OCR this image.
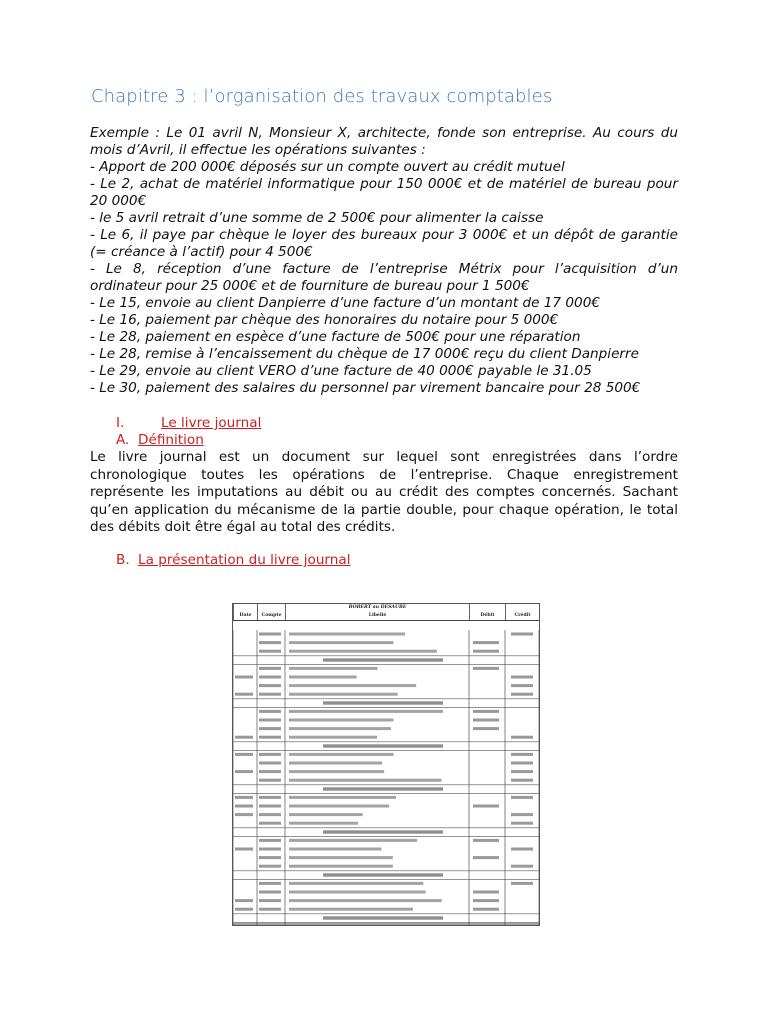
Chapitre 3 : l’organisation des travaux comptables

Exemple : Le 01 avril N, Monsieur X, architecte, fonde son entreprise. Au cours du mois d’Avril, il effectue les opérations suivantes :

- Apport de 200 000€ déposés sur un compte ouvert au crédit mutuel

- Le 2, achat de matériel informatique pour 150 000€ et de matériel de bureau pour 20 000€

- le 5 avril retrait d’une somme de 2 500€ pour alimenter la caisse

- Le 6, il paye par chèque le loyer des bureaux pour 3 000€ et un dépôt de garantie (= créance à l’actif) pour 4 500€

- Le 8, réception d’une facture de l’entreprise Métrix pour l’acquisition d’un ordinateur pour 25 000€ et de fourniture de bureau pour 1 500€

- Le 15, envoie au client Danpierre d’une facture d’un montant de 17 000€

- Le 16, paiement par chèque des honoraires du notaire pour 5 000€

- Le 28, paiement en espèce d’une facture de 500€ pour une réparation

- Le 28, remise à l’encaissement du chèque de 17 000€ reçu du client Danpierre

- Le 29, envoie au client VERO d’une facture de 40 000€ payable le 31.05

- Le 30, paiement des salaires du personnel par virement bancaire pour 28 500€

I.	Le livre journal
A. Définition
Le livre journal est un document sur lequel sont enregistrées dans l’ordre chronologique toutes les opérations de l’entreprise. Chaque enregistrement représente les imputations au débit ou au crédit des comptes concernés. Sachant qu’en application du mécanisme de la partie double, pour chaque opération, le total des débits doit être égal au total des crédits.
B. La présentation du livre journal
		BOBERT au DESAUBE		
Date	Compte	Libellé	Débit	Crédit
